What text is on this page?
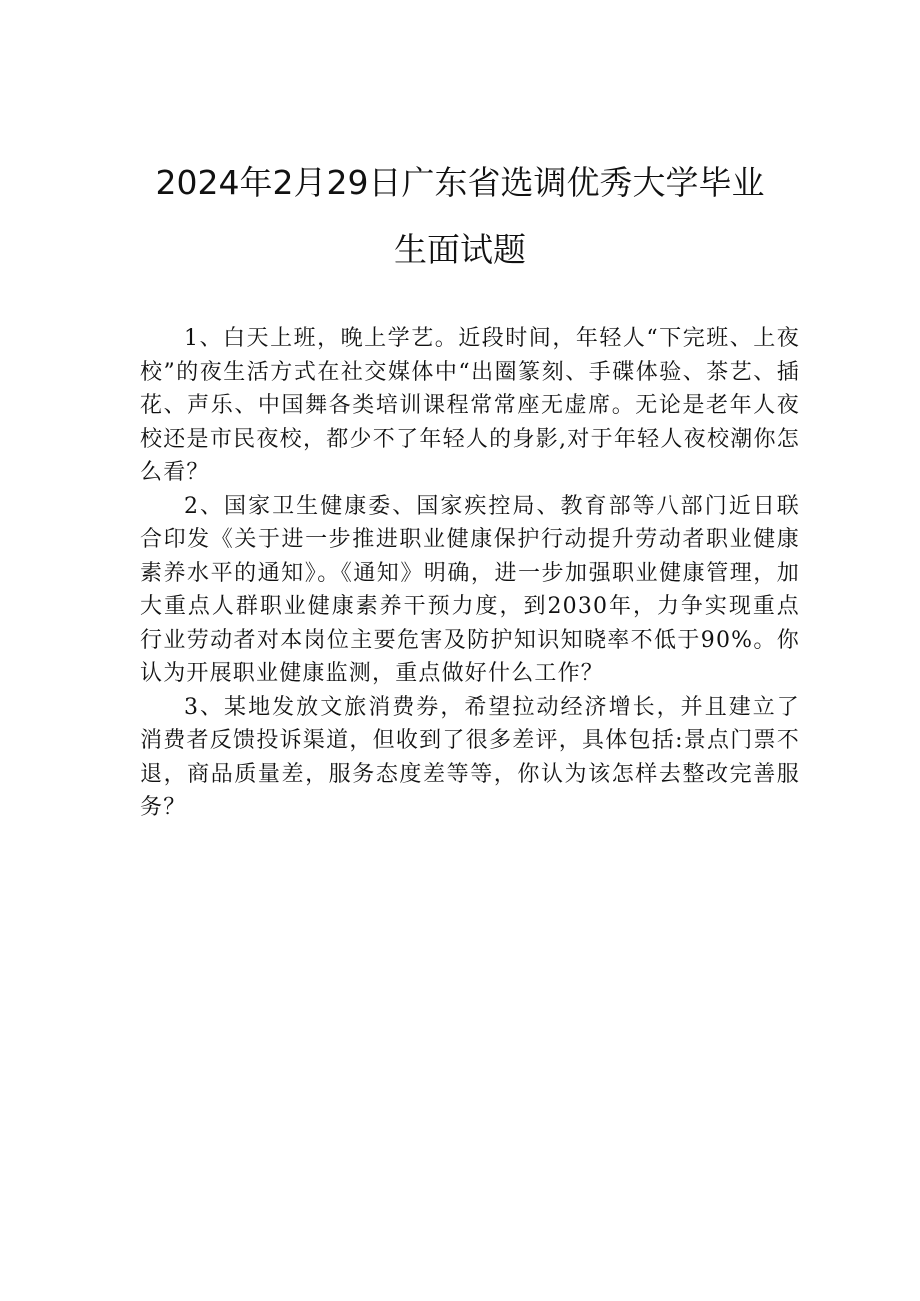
2024年2月29日广东省选调优秀大学毕业
生面试题

1、白天上班，晚上学艺。近段时间，年轻人“下完班、上夜校”的夜生活方式在社交媒体中“出圈篆刻、手碟体验、茶艺、插花、声乐、中国舞各类培训课程常常座无虚席。无论是老年人夜校还是市民夜校，都少不了年轻人的身影,对于年轻人夜校潮你怎么看？

2、国家卫生健康委、国家疾控局、教育部等八部门近日联合印发《关于进一步推进职业健康保护行动提升劳动者职业健康素养水平的通知》。《通知》明确，进一步加强职业健康管理，加大重点人群职业健康素养干预力度，到2030年，力争实现重点行业劳动者对本岗位主要危害及防护知识知晓率不低于90%。你认为开展职业健康监测，重点做好什么工作？

3、某地发放文旅消费券，希望拉动经济增长，并且建立了消费者反馈投诉渠道，但收到了很多差评，具体包括:景点门票不退，商品质量差，服务态度差等等，你认为该怎样去整改完善服务？
